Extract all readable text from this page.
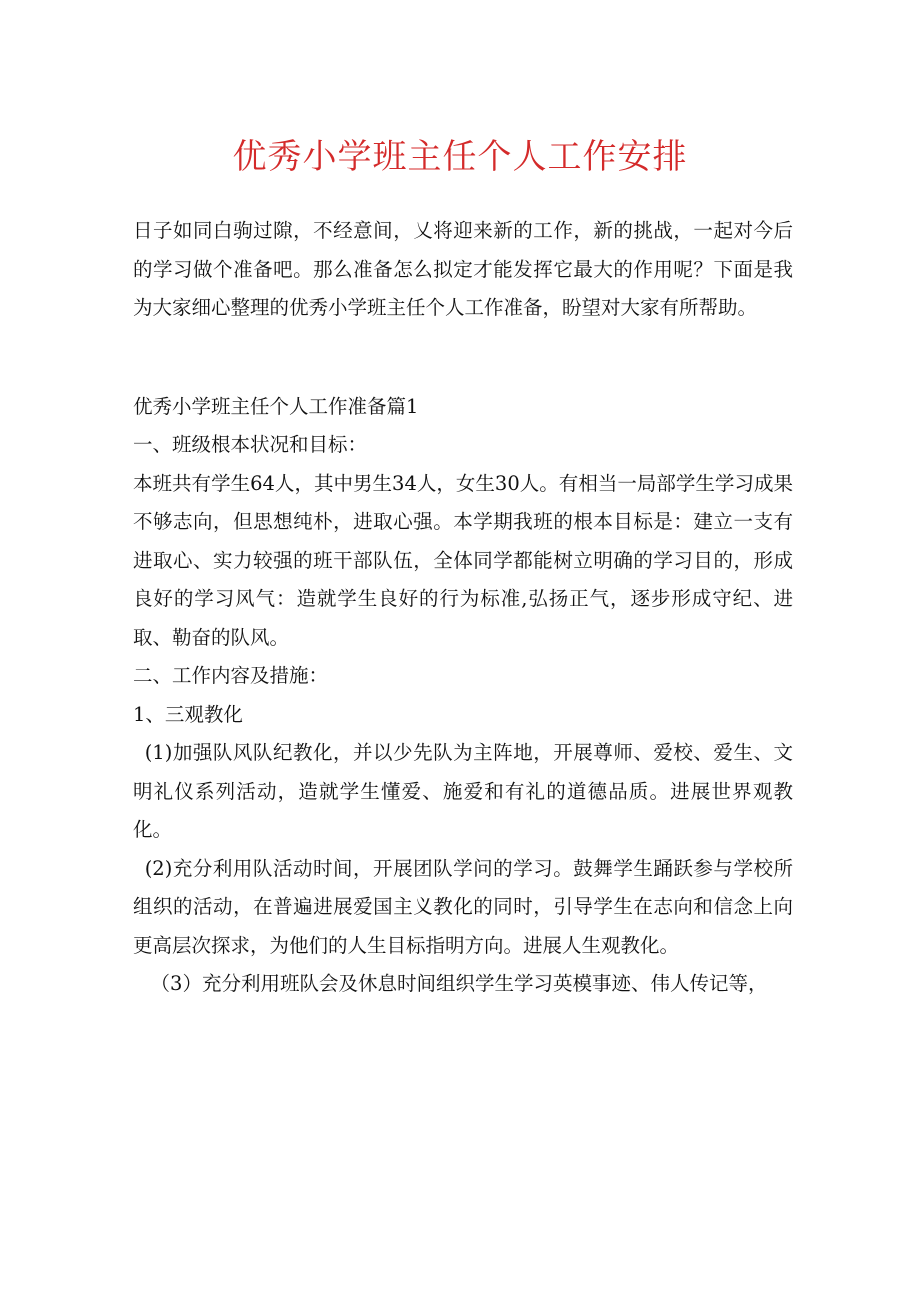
优秀小学班主任个人工作安排

日子如同白驹过隙，不经意间，乂将迎来新的工作，新的挑战，一起对今后的学习做个准备吧。那么准备怎么拟定才能发挥它最大的作用呢？下面是我为大家细心整理的优秀小学班主任个人工作准备，盼望对大家有所帮助。

优秀小学班主任个人工作准备篇1

一、班级根本状况和目标：

本班共有学生64人，其中男生34人，女生30人。有相当一局部学生学习成果不够志向，但思想纯朴，进取心强。本学期我班的根本目标是：建立一支有进取心、实力较强的班干部队伍，全体同学都能树立明确的学习目的，形成良好的学习风气：造就学生良好的行为标准,弘扬正气，逐步形成守纪、进取、勒奋的队风。

二、工作内容及措施：

1、三观教化

(1)加强队风队纪教化，并以少先队为主阵地，开展尊师、爱校、爱生、文明礼仪系列活动，造就学生懂爱、施爱和有礼的道德品质。进展世界观教化。

(2)充分利用队活动时间，开展团队学问的学习。鼓舞学生踊跃参与学校所组织的活动，在普遍进展爱国主义教化的同时，引导学生在志向和信念上向更高层次探求，为他们的人生目标指明方向。进展人生观教化。

（3）充分利用班队会及休息时间组织学生学习英模事迹、伟人传记等，
